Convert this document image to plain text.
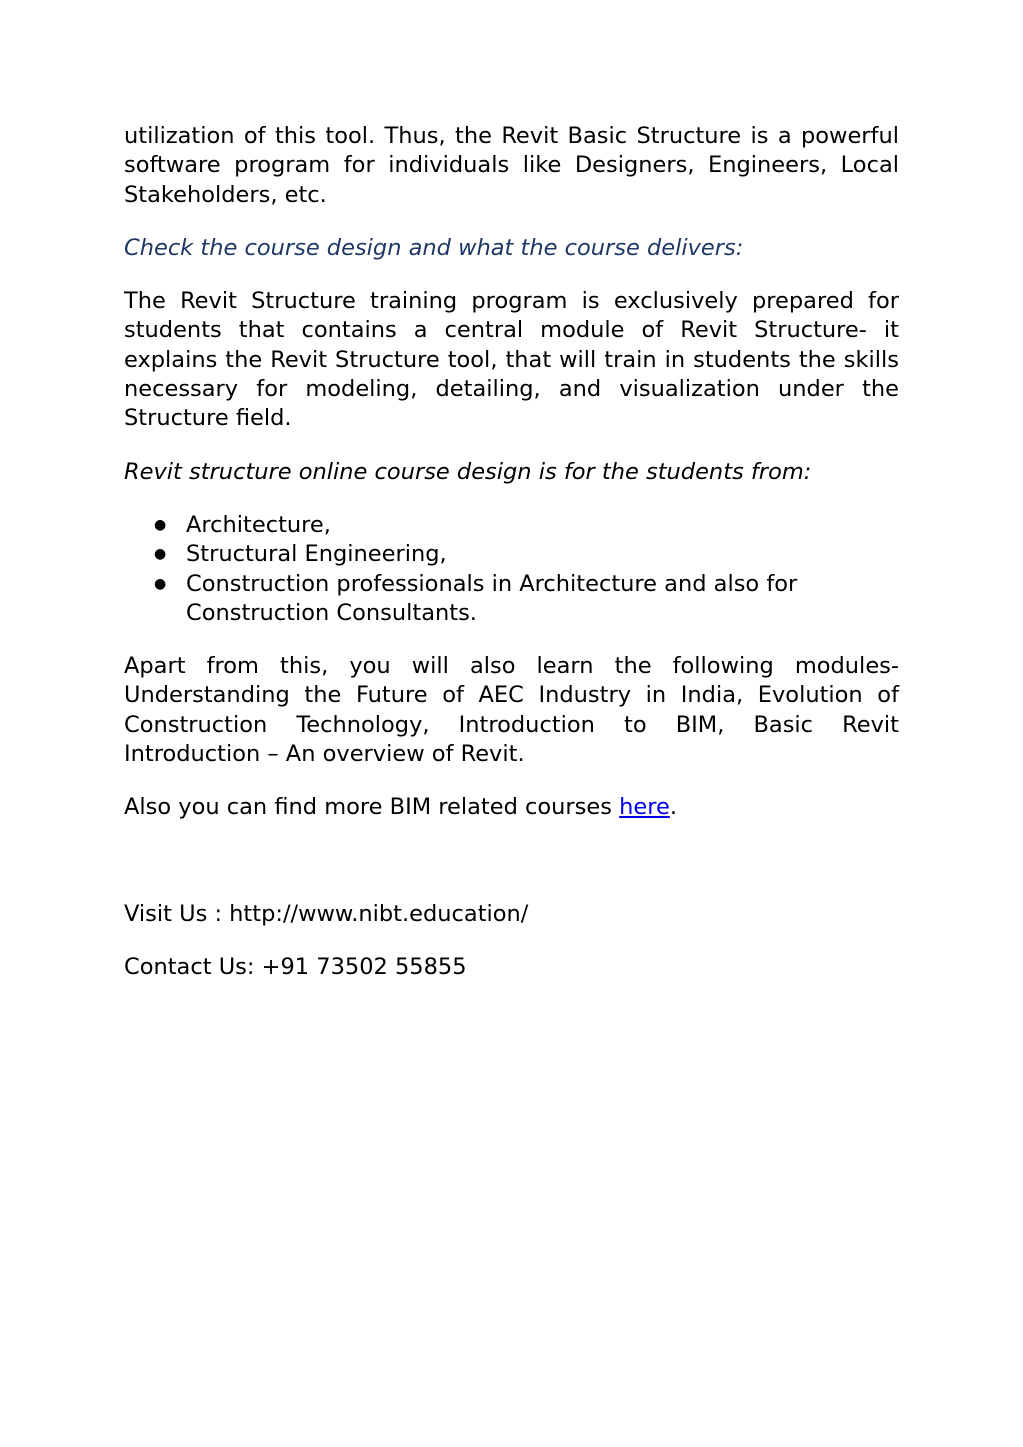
utilization of this tool. Thus, the Revit Basic Structure is a powerful software program for individuals like Designers, Engineers, Local Stakeholders, etc.

Check the course design and what the course delivers:

The Revit Structure training program is exclusively prepared for students that contains a central module of Revit Structure- it explains the Revit Structure tool, that will train in students the skills necessary for modeling, detailing, and visualization under the Structure field.

Revit structure online course design is for the students from:

● Architecture,
● Structural Engineering,
● Construction professionals in Architecture and also for Construction Consultants.

Apart from this, you will also learn the following modules- Understanding the Future of AEC Industry in India, Evolution of Construction Technology, Introduction to BIM, Basic Revit Introduction – An overview of Revit.

Also you can find more BIM related courses here.

Visit Us : http://www.nibt.education/

Contact Us: +91 73502 55855
